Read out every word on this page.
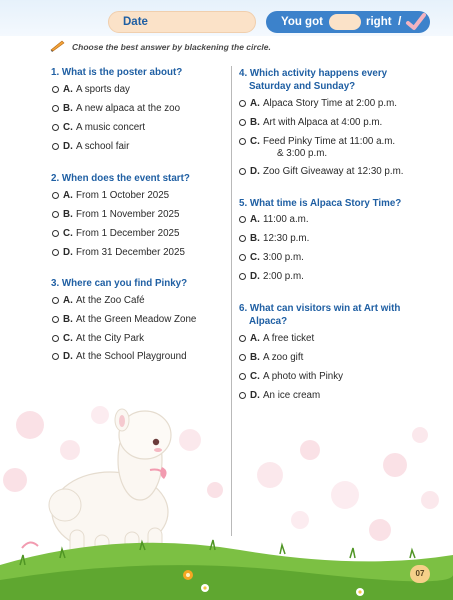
Date	You got	right /
Choose the best answer by blackening the circle.
1. What is the poster about?
A. A sports day
B. A new alpaca at the zoo
C. A music concert
D. A school fair
2. When does the event start?
A. From 1 October 2025
B. From 1 November 2025
C. From 1 December 2025
D. From 31 December 2025
3. Where can you find Pinky?
A. At the Zoo Café
B. At the Green Meadow Zone
C. At the City Park
D. At the School Playground
4. Which activity happens every
Saturday and Sunday?
A. Alpaca Story Time at 2:00 p.m.
B. Art with Alpaca at 4:00 p.m.
C. Feed Pinky Time at 11:00 a.m.
& 3:00 p.m.
D. Zoo Gift Giveaway at 12:30 p.m.
5. What time is Alpaca Story Time?
A. 11:00 a.m.
B. 12:30 p.m.
C. 3:00 p.m.
D. 2:00 p.m.
6. What can visitors win at Art with
Alpaca?
A. A free ticket
B. A zoo gift
C. A photo with Pinky
D. An ice cream
07
